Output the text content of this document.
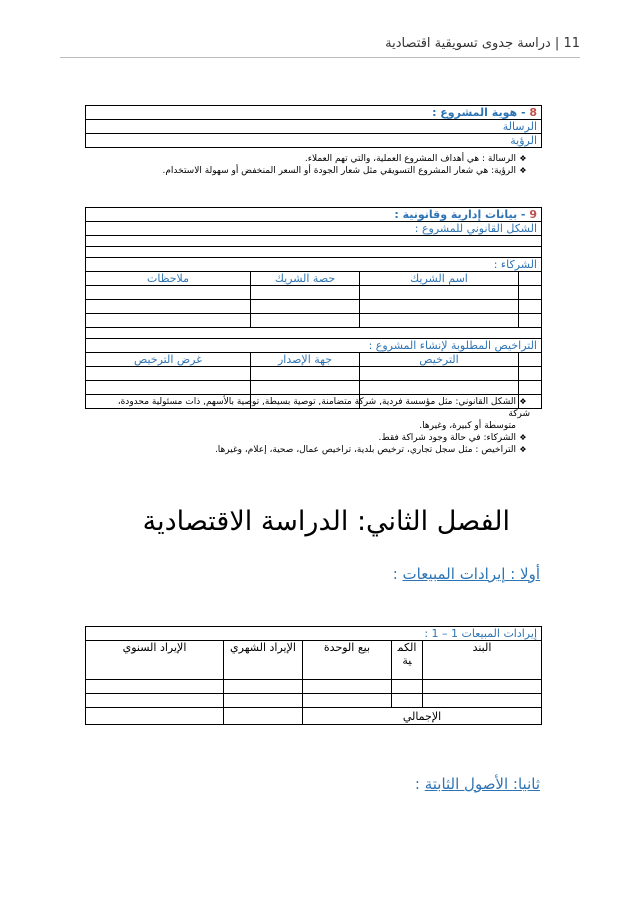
11 | دراسة جدوى تسويقية اقتصادية
8 - هوية المشروع :
الرسالة
الرؤية
❖الرسالة : هي أهداف المشروع العملية، والتي تهم العملاء.
❖الرؤية: هي شعار المشروع التسويقي مثل شعار الجودة أو السعر المنخفض أو سهولة الاستخدام.
9 - بيانات إدارية وقانونية :			
الشكل القانوني للمشروع :			

الشركاء :			
	اسم الشريك	حصة الشريك	ملاحظات

التراخيص المطلوبة لإنشاء المشروع :			
	الترخيص	جهة الإصدار	غرض الترخيص

❖الشكل القانوني: مثل مؤسسة فردية, شركة متضامنة, توصية بسيطة, توصية بالأسهم, ذات مسئولية محدودة، شركة
متوسطة أو كبيرة، وغيرها.
❖الشركاء: في حالة وجود شراكة فقط.
❖التراخيص : مثل سجل تجاري، ترخيص بلدية، تراخيص عمال، صحية، إعلام، وغيرها.
الفصل الثاني: الدراسة الاقتصادية
أولا : إيرادات المبيعات :
إيرادات المبيعات 1 – 1 :				
البند	الكمية	بيع الوحدة	الإيراد الشهري	الإيراد السنوي

الإجمالي				
ثانيا: الأصول الثابتة :
